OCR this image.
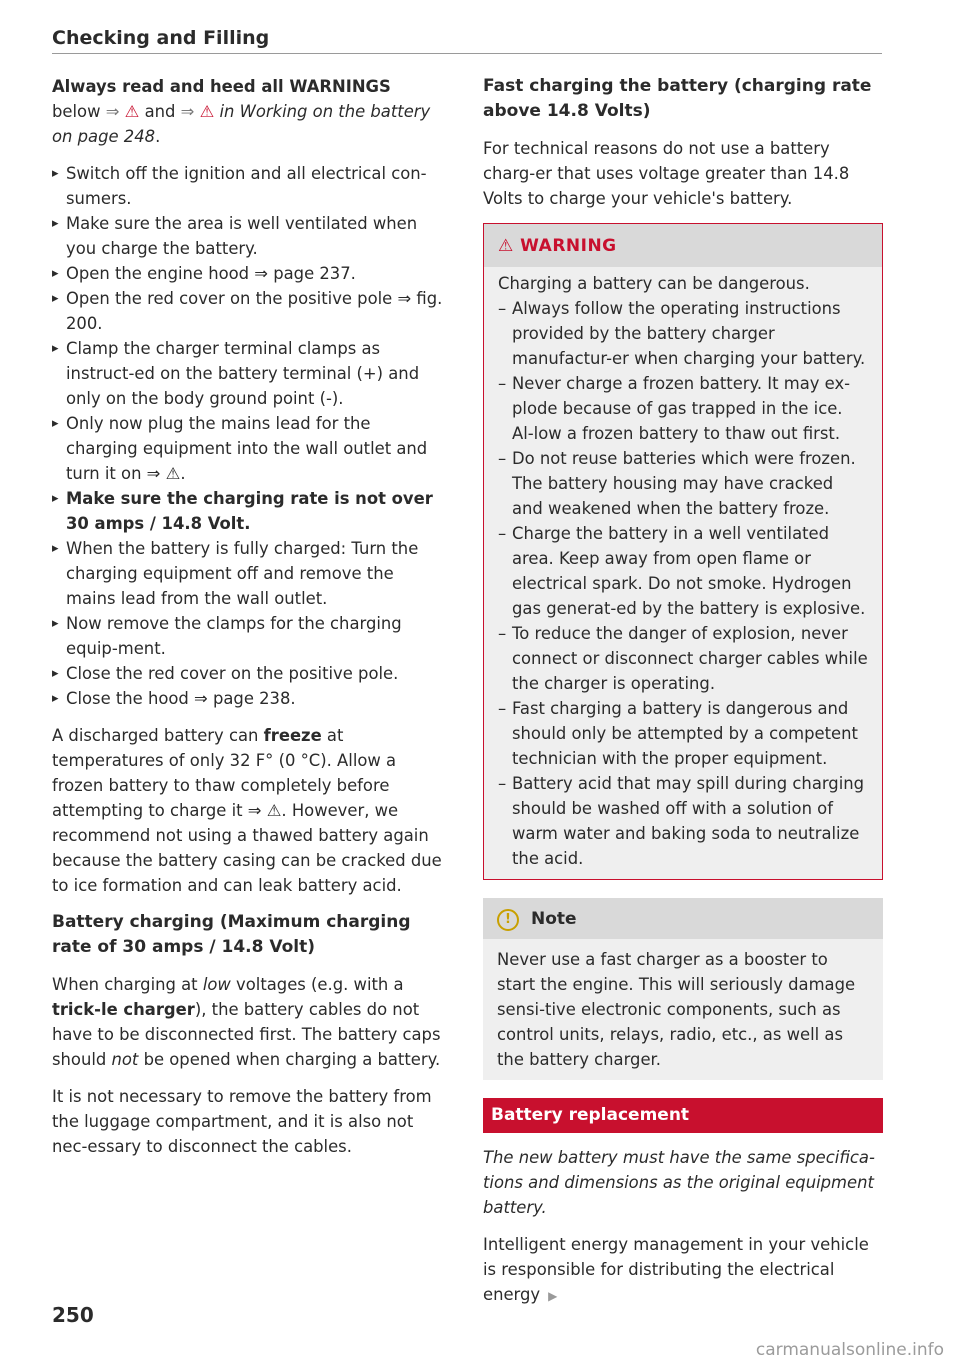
Checking and Filling

Always read and heed all WARNINGS below ⇒ ⚠ and ⇒ ⚠ in Working on the battery on page 248.

▸ Switch off the ignition and all electrical con-sumers.
▸ Make sure the area is well ventilated when you charge the battery.
▸ Open the engine hood ⇒ page 237.
▸ Open the red cover on the positive pole ⇒ fig. 200.
▸ Clamp the charger terminal clamps as instruct-ed on the battery terminal (+) and only on the body ground point (-).
▸ Only now plug the mains lead for the charging equipment into the wall outlet and turn it on ⇒ ⚠.
▸ Make sure the charging rate is not over 30 amps / 14.8 Volt.
▸ When the battery is fully charged: Turn the charging equipment off and remove the mains lead from the wall outlet.
▸ Now remove the clamps for the charging equip-ment.
▸ Close the red cover on the positive pole.
▸ Close the hood ⇒ page 238.

A discharged battery can freeze at temperatures of only 32 F° (0 °C). Allow a frozen battery to thaw completely before attempting to charge it ⇒ ⚠. However, we recommend not using a thawed battery again because the battery casing can be cracked due to ice formation and can leak battery acid.

Battery charging (Maximum charging rate of 30 amps / 14.8 Volt)

When charging at low voltages (e.g. with a trick-le charger), the battery cables do not have to be disconnected first. The battery caps should not be opened when charging a battery.

It is not necessary to remove the battery from the luggage compartment, and it is also not nec-essary to disconnect the cables.

Fast charging the battery (charging rate above 14.8 Volts)

For technical reasons do not use a battery charg-er that uses voltage greater than 14.8 Volts to charge your vehicle's battery.

⚠ WARNING
Charging a battery can be dangerous.
– Always follow the operating instructions provided by the battery charger manufactur-er when charging your battery.
– Never charge a frozen battery. It may ex-plode because of gas trapped in the ice. Al-low a frozen battery to thaw out first.
– Do not reuse batteries which were frozen. The battery housing may have cracked and weakened when the battery froze.
– Charge the battery in a well ventilated area. Keep away from open flame or electrical spark. Do not smoke. Hydrogen gas generat-ed by the battery is explosive.
– To reduce the danger of explosion, never connect or disconnect charger cables while the charger is operating.
– Fast charging a battery is dangerous and should only be attempted by a competent technician with the proper equipment.
– Battery acid that may spill during charging should be washed off with a solution of warm water and baking soda to neutralize the acid.
!	Note
Never use a fast charger as a booster to start the engine. This will seriously damage sensi-tive electronic components, such as control units, relays, radio, etc., as well as the battery charger.
Battery replacement

The new battery must have the same specifica-tions and dimensions as the original equipment battery.

Intelligent energy management in your vehicle is responsible for distributing the electrical energy ▶

250
carmanualsonline.info
